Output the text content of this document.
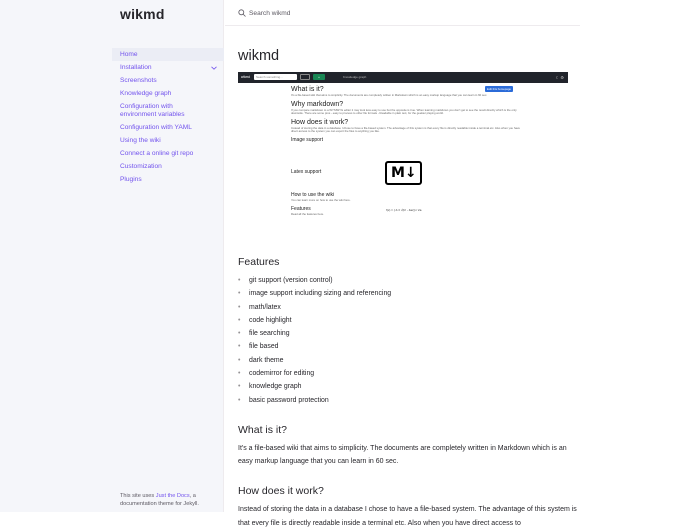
wikmd
Home
Installation
Screenshots
Knowledge graph
Configuration with environment variables
Configuration with YAML
Using the wiki
Connect a online git repo
Customization
Plugins
This site uses Just the Docs, a documentation theme for Jekyll.
Search wikmd
wikmd
wikmd	Search something...	+	Knowledge graph	☾ ⚙
Edit this homepage
What is it?
It's a file-based wiki that aims to simplicity. The documents are completely written in Markdown which is an easy markup language that you can learn in 60 sec.
Why markdown?
If you compare markdown to a WYSIWYG editor it may look less easy to use but the opposite is true. When learning markdown you don't get to see the result directly which is the only downside. There are some pros - easy to process to other file formats - Readable in plain text, for the geekier playing world.
How does it work?
Instead of storing the data in a database I chose to have a file-based system. The advantage of this system is that every file is directly readable inside a terminal etc. Also when you have direct access to the system you can export the files to anything you like.
Image support
Latex support
How to use the wiki
You can learn more on how to use the wiki here.
Features
Read all the features here.
M↓
f(x) = (-b ± √(b² - 4ac)) / 2a
Features
• git support (version control)
• image support including sizing and referencing
• math/latex
• code highlight
• file searching
• file based
• dark theme
• codemirror for editing
• knowledge graph
• basic password protection
What is it?

It's a file-based wiki that aims to simplicity. The documents are completely written in Markdown which is an easy markup language that you can learn in 60 sec.

How does it work?

Instead of storing the data in a database I chose to have a file-based system. The advantage of this system is that every file is directly readable inside a terminal etc. Also when you have direct access to
